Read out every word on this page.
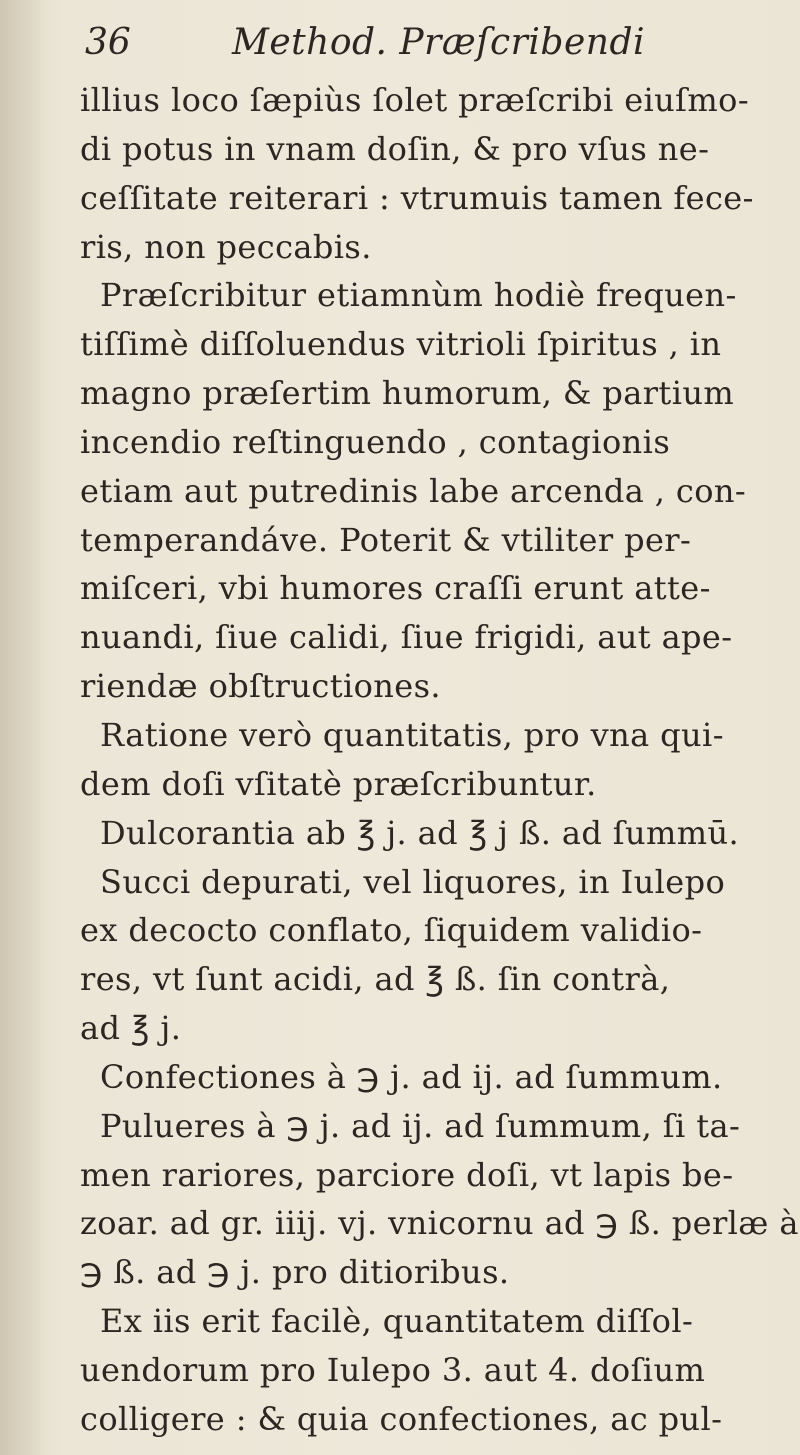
36	Method. Præſcribendi
illius loco ſæpiùs ſolet præſcribi eiuſmo-
di potus in vnam doſin, & pro vſus ne-
ceſſitate reiterari : vtrumuis tamen fece-
ris, non peccabis.
Præſcribitur etiamnùm hodiè frequen-
tiſſimè diſſoluendus vitrioli ſpiritus , in
magno præſertim humorum, & partium
incendio reſtinguendo , contagionis
etiam aut putredinis labe arcenda , con-
temperandáve. Poterit & vtiliter per-
miſceri, vbi humores craſſi erunt atte-
nuandi, ſiue calidi, ſiue frigidi, aut ape-
riendæ obſtructiones.
Ratione verò quantitatis, pro vna qui-
dem doſi vſitatè præſcribuntur.
Dulcorantia ab ℥ j. ad ℥ j ß. ad ſummū.
Succi depurati, vel liquores, in Iulepo
ex decocto conflato, ſiquidem validio-
res, vt ſunt acidi, ad ℥ ß. ſin contrà,
ad ℥ j.
Confectiones à ℈ j. ad ij. ad ſummum.
Pulueres à ℈ j. ad ij. ad ſummum, ſi ta-
men rariores, parciore doſi, vt lapis be-
zoar. ad gr. iiij. vj. vnicornu ad ℈ ß. perlæ à
℈ ß. ad ℈ j. pro ditioribus.
Ex iis erit facilè, quantitatem diſſol-
uendorum pro Iulepo 3. aut 4. doſium
colligere : & quia confectiones, ac pul-
